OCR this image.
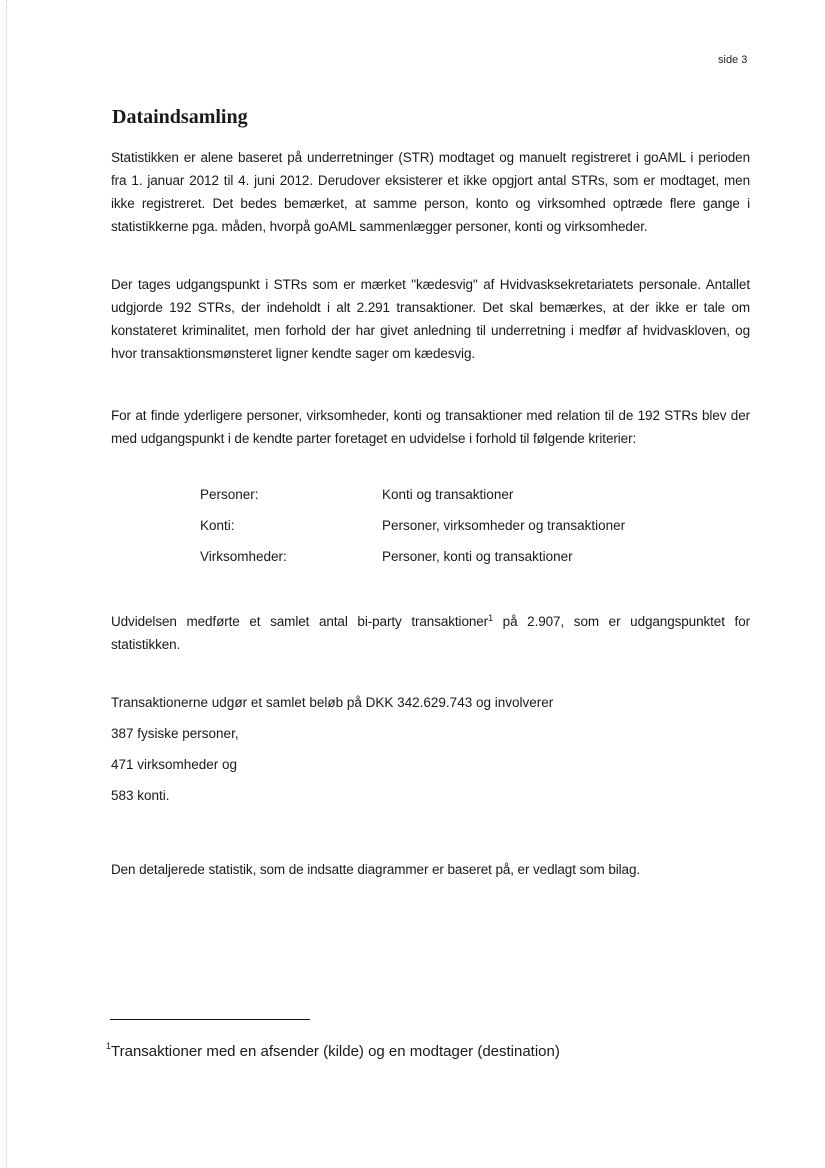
side 3
Dataindsamling

Statistikken er alene baseret på underretninger (STR) modtaget og manuelt registreret i goAML i perioden fra 1. januar 2012 til 4. juni 2012. Derudover eksisterer et ikke opgjort antal STRs, som er modtaget, men ikke registreret. Det bedes bemærket, at samme person, konto og virksomhed optræde flere gange i statistikkerne pga. måden, hvorpå goAML sammenlægger personer, konti og virksomheder.

Der tages udgangspunkt i STRs som er mærket "kædesvig" af Hvidvasksekretariatets personale. Antallet udgjorde 192 STRs, der indeholdt i alt 2.291 transaktioner. Det skal bemærkes, at der ikke er tale om konstateret kriminalitet, men forhold der har givet anledning til underretning i medfør af hvidvaskloven, og hvor transaktionsmønsteret ligner kendte sager om kædesvig.

For at finde yderligere personer, virksomheder, konti og transaktioner med relation til de 192 STRs blev der med udgangspunkt i de kendte parter foretaget en udvidelse i forhold til følgende kriterier:

Personer:	Konti og transaktioner
Konti:	Personer, virksomheder og transaktioner
Virksomheder:	Personer, konti og transaktioner

Udvidelsen medførte et samlet antal bi-party transaktioner$^1$ på 2.907, som er udgangspunktet for statistikken.

Transaktionerne udgør et samlet beløb på DKK 342.629.743 og involverer
387 fysiske personer,
471 virksomheder og
583 konti.

Den detaljerede statistik, som de indsatte diagrammer er baseret på, er vedlagt som bilag.

$^1$Transaktioner med en afsender (kilde) og en modtager (destination)
